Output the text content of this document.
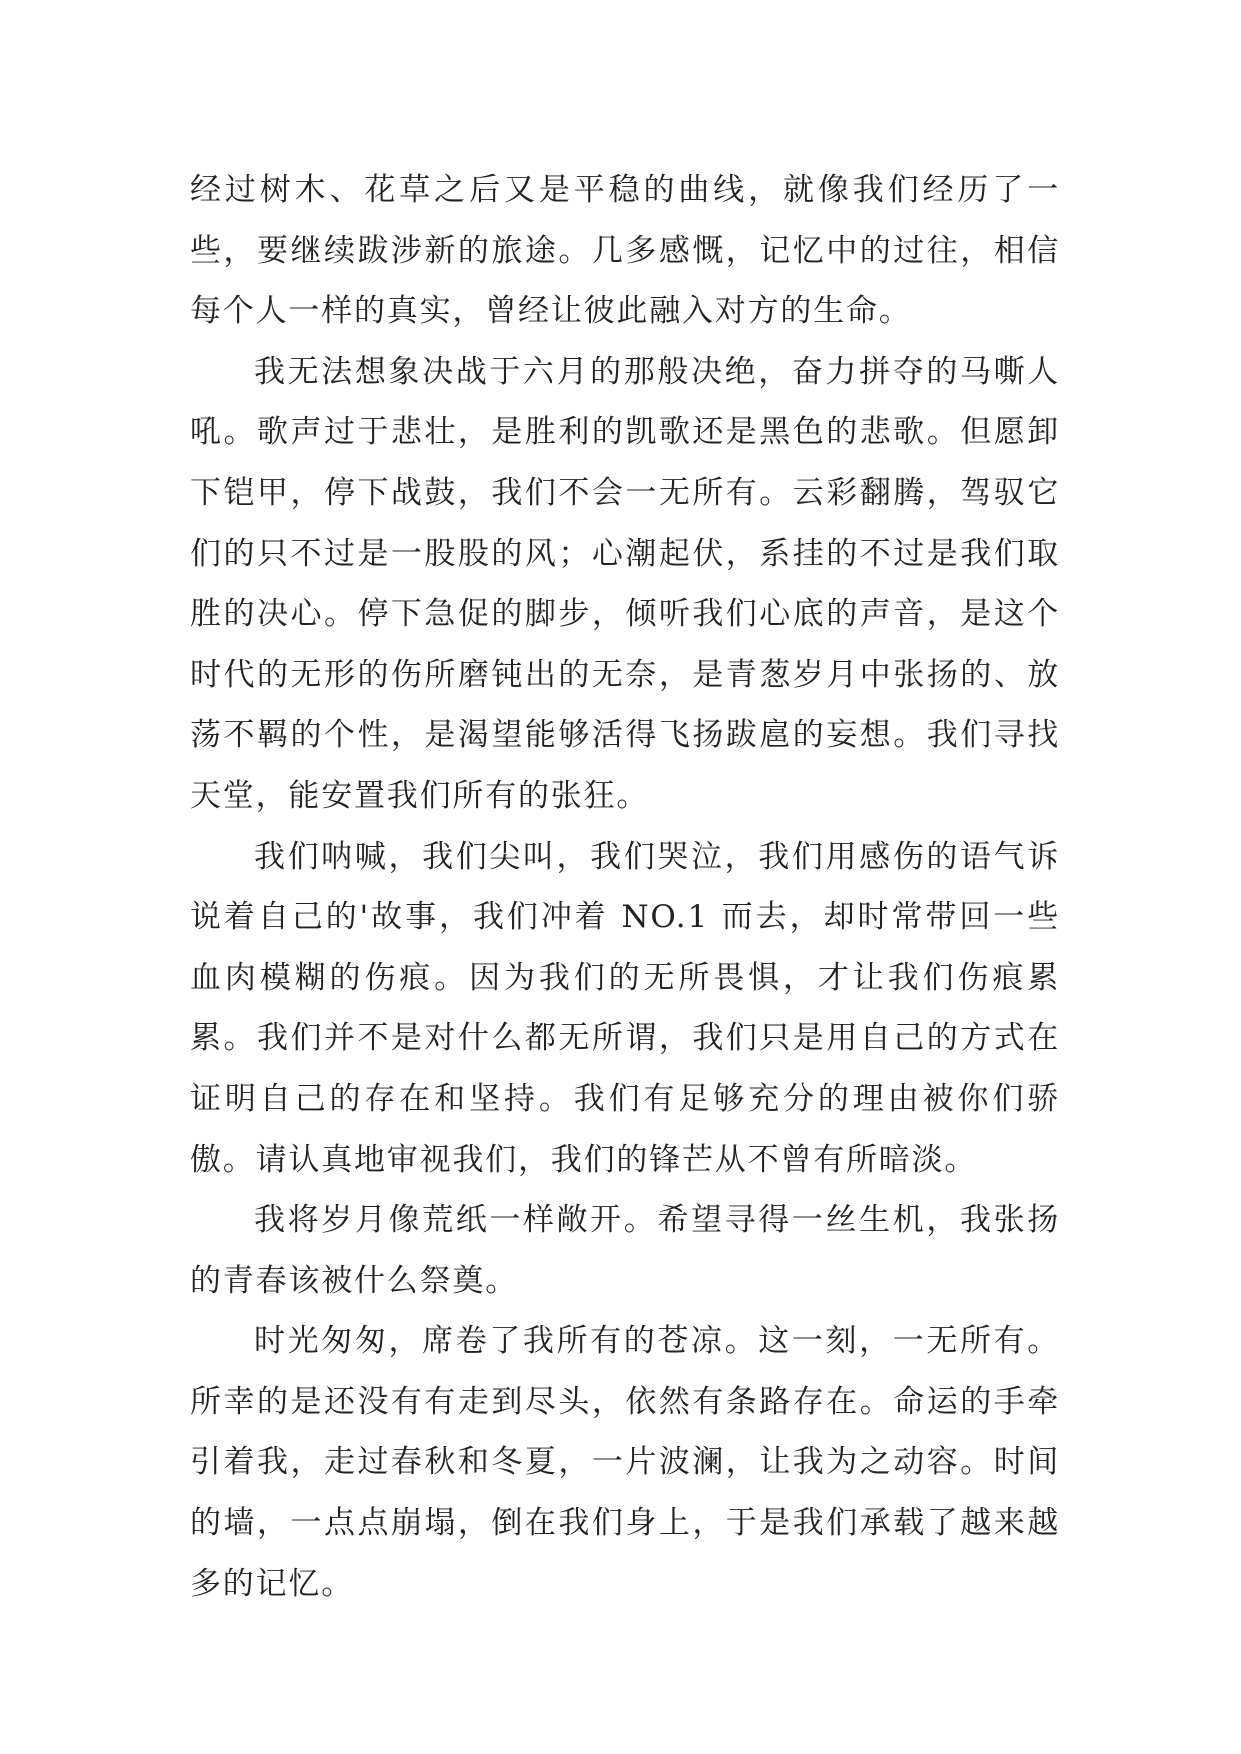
经过树木、花草之后又是平稳的曲线，就像我们经历了一些，要继续跋涉新的旅途。几多感慨，记忆中的过往，相信每个人一样的真实，曾经让彼此融入对方的生命。

我无法想象决战于六月的那般决绝，奋力拼夺的马嘶人吼。歌声过于悲壮，是胜利的凯歌还是黑色的悲歌。但愿卸下铠甲，停下战鼓，我们不会一无所有。云彩翻腾，驾驭它们的只不过是一股股的风；心潮起伏，系挂的不过是我们取胜的决心。停下急促的脚步，倾听我们心底的声音，是这个时代的无形的伤所磨钝出的无奈，是青葱岁月中张扬的、放荡不羁的个性，是渴望能够活得飞扬跋扈的妄想。我们寻找天堂，能安置我们所有的张狂。

我们呐喊，我们尖叫，我们哭泣，我们用感伤的语气诉说着自己的'故事，我们冲着 NO.1 而去，却时常带回一些血肉模糊的伤痕。因为我们的无所畏惧，才让我们伤痕累累。我们并不是对什么都无所谓，我们只是用自己的方式在证明自己的存在和坚持。我们有足够充分的理由被你们骄傲。请认真地审视我们，我们的锋芒从不曾有所暗淡。

我将岁月像荒纸一样敞开。希望寻得一丝生机，我张扬的青春该被什么祭奠。

时光匆匆，席卷了我所有的苍凉。这一刻，一无所有。所幸的是还没有有走到尽头，依然有条路存在。命运的手牵引着我，走过春秋和冬夏，一片波澜，让我为之动容。时间的墙，一点点崩塌，倒在我们身上，于是我们承载了越来越多的记忆。
